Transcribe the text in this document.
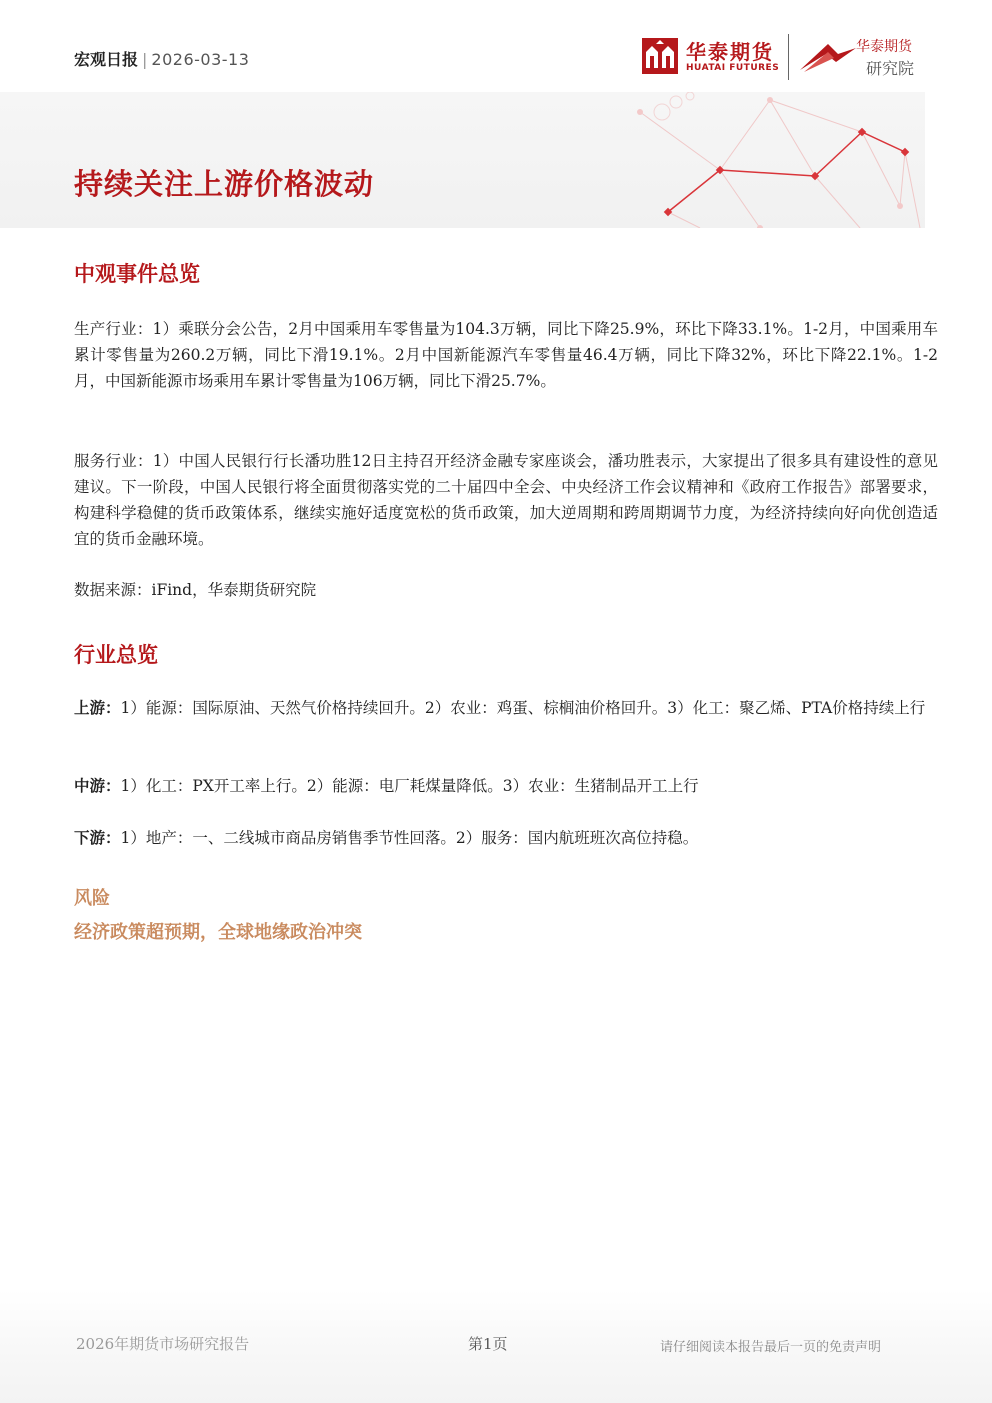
宏观日报 | 2026-03-13	华泰期货
HUATAI FUTURES
华泰期货
研究院
持续关注上游价格波动
中观事件总览
生产行业：1）乘联分会公告，2月中国乘用车零售量为104.3万辆，同比下降25.9%，环比下降33.1%。1-2月，中国乘用车累计零售量为260.2万辆，同比下滑19.1%。2月中国新能源汽车零售量46.4万辆，同比下降32%，环比下降22.1%。1-2月，中国新能源市场乘用车累计零售量为106万辆，同比下滑25.7%。
服务行业：1）中国人民银行行长潘功胜12日主持召开经济金融专家座谈会，潘功胜表示，大家提出了很多具有建设性的意见建议。下一阶段，中国人民银行将全面贯彻落实党的二十届四中全会、中央经济工作会议精神和《政府工作报告》部署要求，构建科学稳健的货币政策体系，继续实施好适度宽松的货币政策，加大逆周期和跨周期调节力度，为经济持续向好向优创造适宜的货币金融环境。
数据来源：iFind，华泰期货研究院
行业总览
上游：1）能源：国际原油、天然气价格持续回升。2）农业：鸡蛋、棕榈油价格回升。3）化工：聚乙烯、PTA价格持续上行
中游：1）化工：PX开工率上行。2）能源：电厂耗煤量降低。3）农业：生猪制品开工上行
下游：1）地产：一、二线城市商品房销售季节性回落。2）服务：国内航班班次高位持稳。
风险
经济政策超预期，全球地缘政治冲突
2026年期货市场研究报告	第1页	请仔细阅读本报告最后一页的免责声明
